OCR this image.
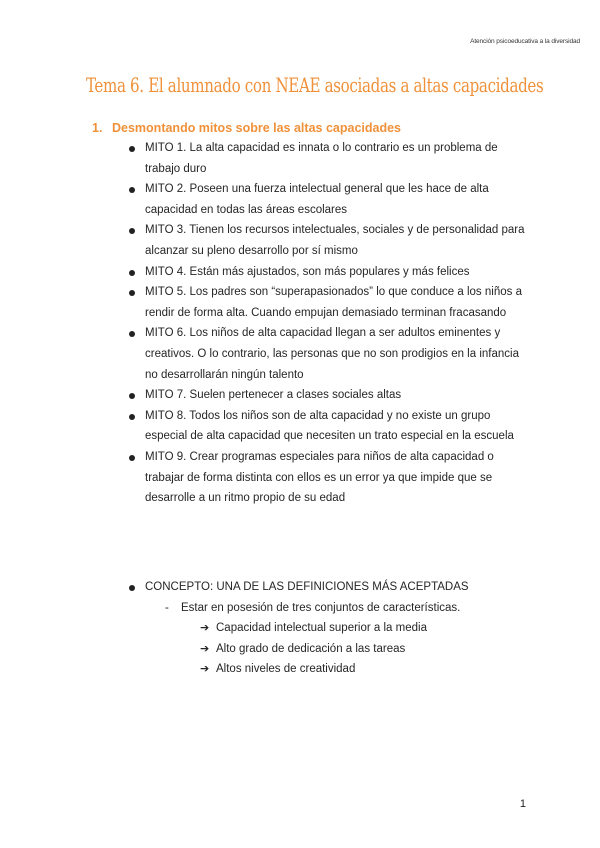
Atención psicoeducativa a la diversidad
Tema 6. El alumnado con NEAE asociadas a altas capacidades
1. Desmontando mitos sobre las altas capacidades
MITO 1. La alta capacidad es innata o lo contrario es un problema de trabajo duro
MITO 2. Poseen una fuerza intelectual general que les hace de alta capacidad en todas las áreas escolares
MITO 3. Tienen los recursos intelectuales, sociales y de personalidad para alcanzar su pleno desarrollo por sí mismo
MITO 4. Están más ajustados, son más populares y más felices
MITO 5. Los padres son “superapasionados” lo que conduce a los niños a rendir de forma alta. Cuando empujan demasiado terminan fracasando
MITO 6. Los niños de alta capacidad llegan a ser adultos eminentes y creativos. O lo contrario, las personas que no son prodigios en la infancia no desarrollarán ningún talento
MITO 7. Suelen pertenecer a clases sociales altas
MITO 8. Todos los niños son de alta capacidad y no existe un grupo especial de alta capacidad que necesiten un trato especial en la escuela
MITO 9. Crear programas especiales para niños de alta capacidad o trabajar de forma distinta con ellos es un error ya que impide que se desarrolle a un ritmo propio de su edad
CONCEPTO: UNA DE LAS DEFINICIONES MÁS ACEPTADAS
- Estar en posesión de tres conjuntos de características.
➔ Capacidad intelectual superior a la media
➔ Alto grado de dedicación a las tareas
➔ Altos niveles de creatividad
1
